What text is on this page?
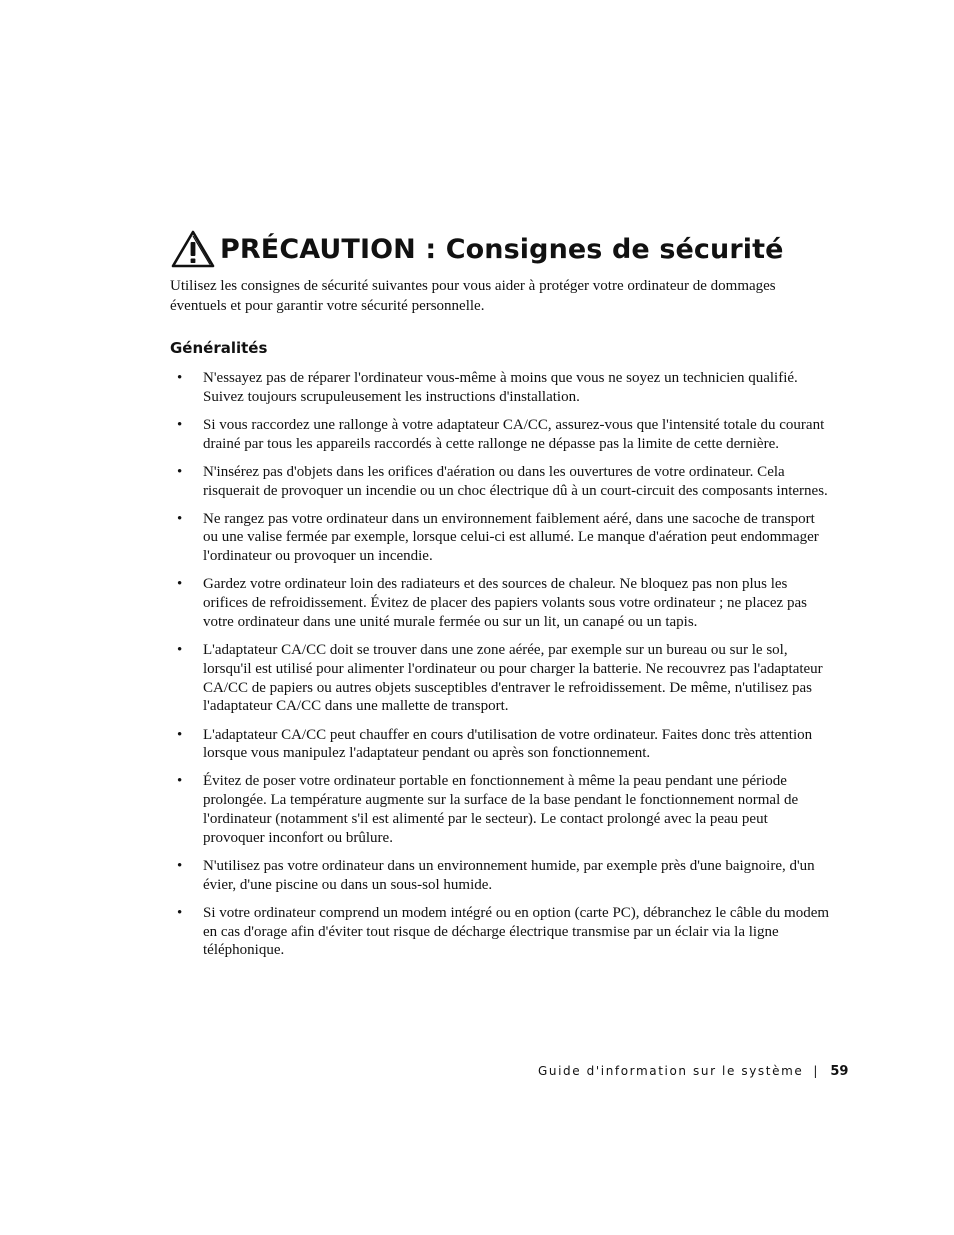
PRÉCAUTION : Consignes de sécurité

Utilisez les consignes de sécurité suivantes pour vous aider à protéger votre ordinateur de dommages éventuels et pour garantir votre sécurité personnelle.

Généralités
• N'essayez pas de réparer l'ordinateur vous-même à moins que vous ne soyez un technicien qualifié. Suivez toujours scrupuleusement les instructions d'installation.
• Si vous raccordez une rallonge à votre adaptateur CA/CC, assurez-vous que l'intensité totale du courant drainé par tous les appareils raccordés à cette rallonge ne dépasse pas la limite de cette dernière.
• N'insérez pas d'objets dans les orifices d'aération ou dans les ouvertures de votre ordinateur. Cela risquerait de provoquer un incendie ou un choc électrique dû à un court-circuit des composants internes.
• Ne rangez pas votre ordinateur dans un environnement faiblement aéré, dans une sacoche de transport ou une valise fermée par exemple, lorsque celui-ci est allumé. Le manque d'aération peut endommager l'ordinateur ou provoquer un incendie.
• Gardez votre ordinateur loin des radiateurs et des sources de chaleur. Ne bloquez pas non plus les orifices de refroidissement. Évitez de placer des papiers volants sous votre ordinateur ; ne placez pas votre ordinateur dans une unité murale fermée ou sur un lit, un canapé ou un tapis.
• L'adaptateur CA/CC doit se trouver dans une zone aérée, par exemple sur un bureau ou sur le sol, lorsqu'il est utilisé pour alimenter l'ordinateur ou pour charger la batterie. Ne recouvrez pas l'adaptateur CA/CC de papiers ou autres objets susceptibles d'entraver le refroidissement. De même, n'utilisez pas l'adaptateur CA/CC dans une mallette de transport.
• L'adaptateur CA/CC peut chauffer en cours d'utilisation de votre ordinateur. Faites donc très attention lorsque vous manipulez l'adaptateur pendant ou après son fonctionnement.
• Évitez de poser votre ordinateur portable en fonctionnement à même la peau pendant une période prolongée. La température augmente sur la surface de la base pendant le fonctionnement normal de l'ordinateur (notamment s'il est alimenté par le secteur). Le contact prolongé avec la peau peut provoquer inconfort ou brûlure.
• N'utilisez pas votre ordinateur dans un environnement humide, par exemple près d'une baignoire, d'un évier, d'une piscine ou dans un sous-sol humide.
• Si votre ordinateur comprend un modem intégré ou en option (carte PC), débranchez le câble du modem en cas d'orage afin d'éviter tout risque de décharge électrique transmise par un éclair via la ligne téléphonique.
Guide d'information sur le système | 59
